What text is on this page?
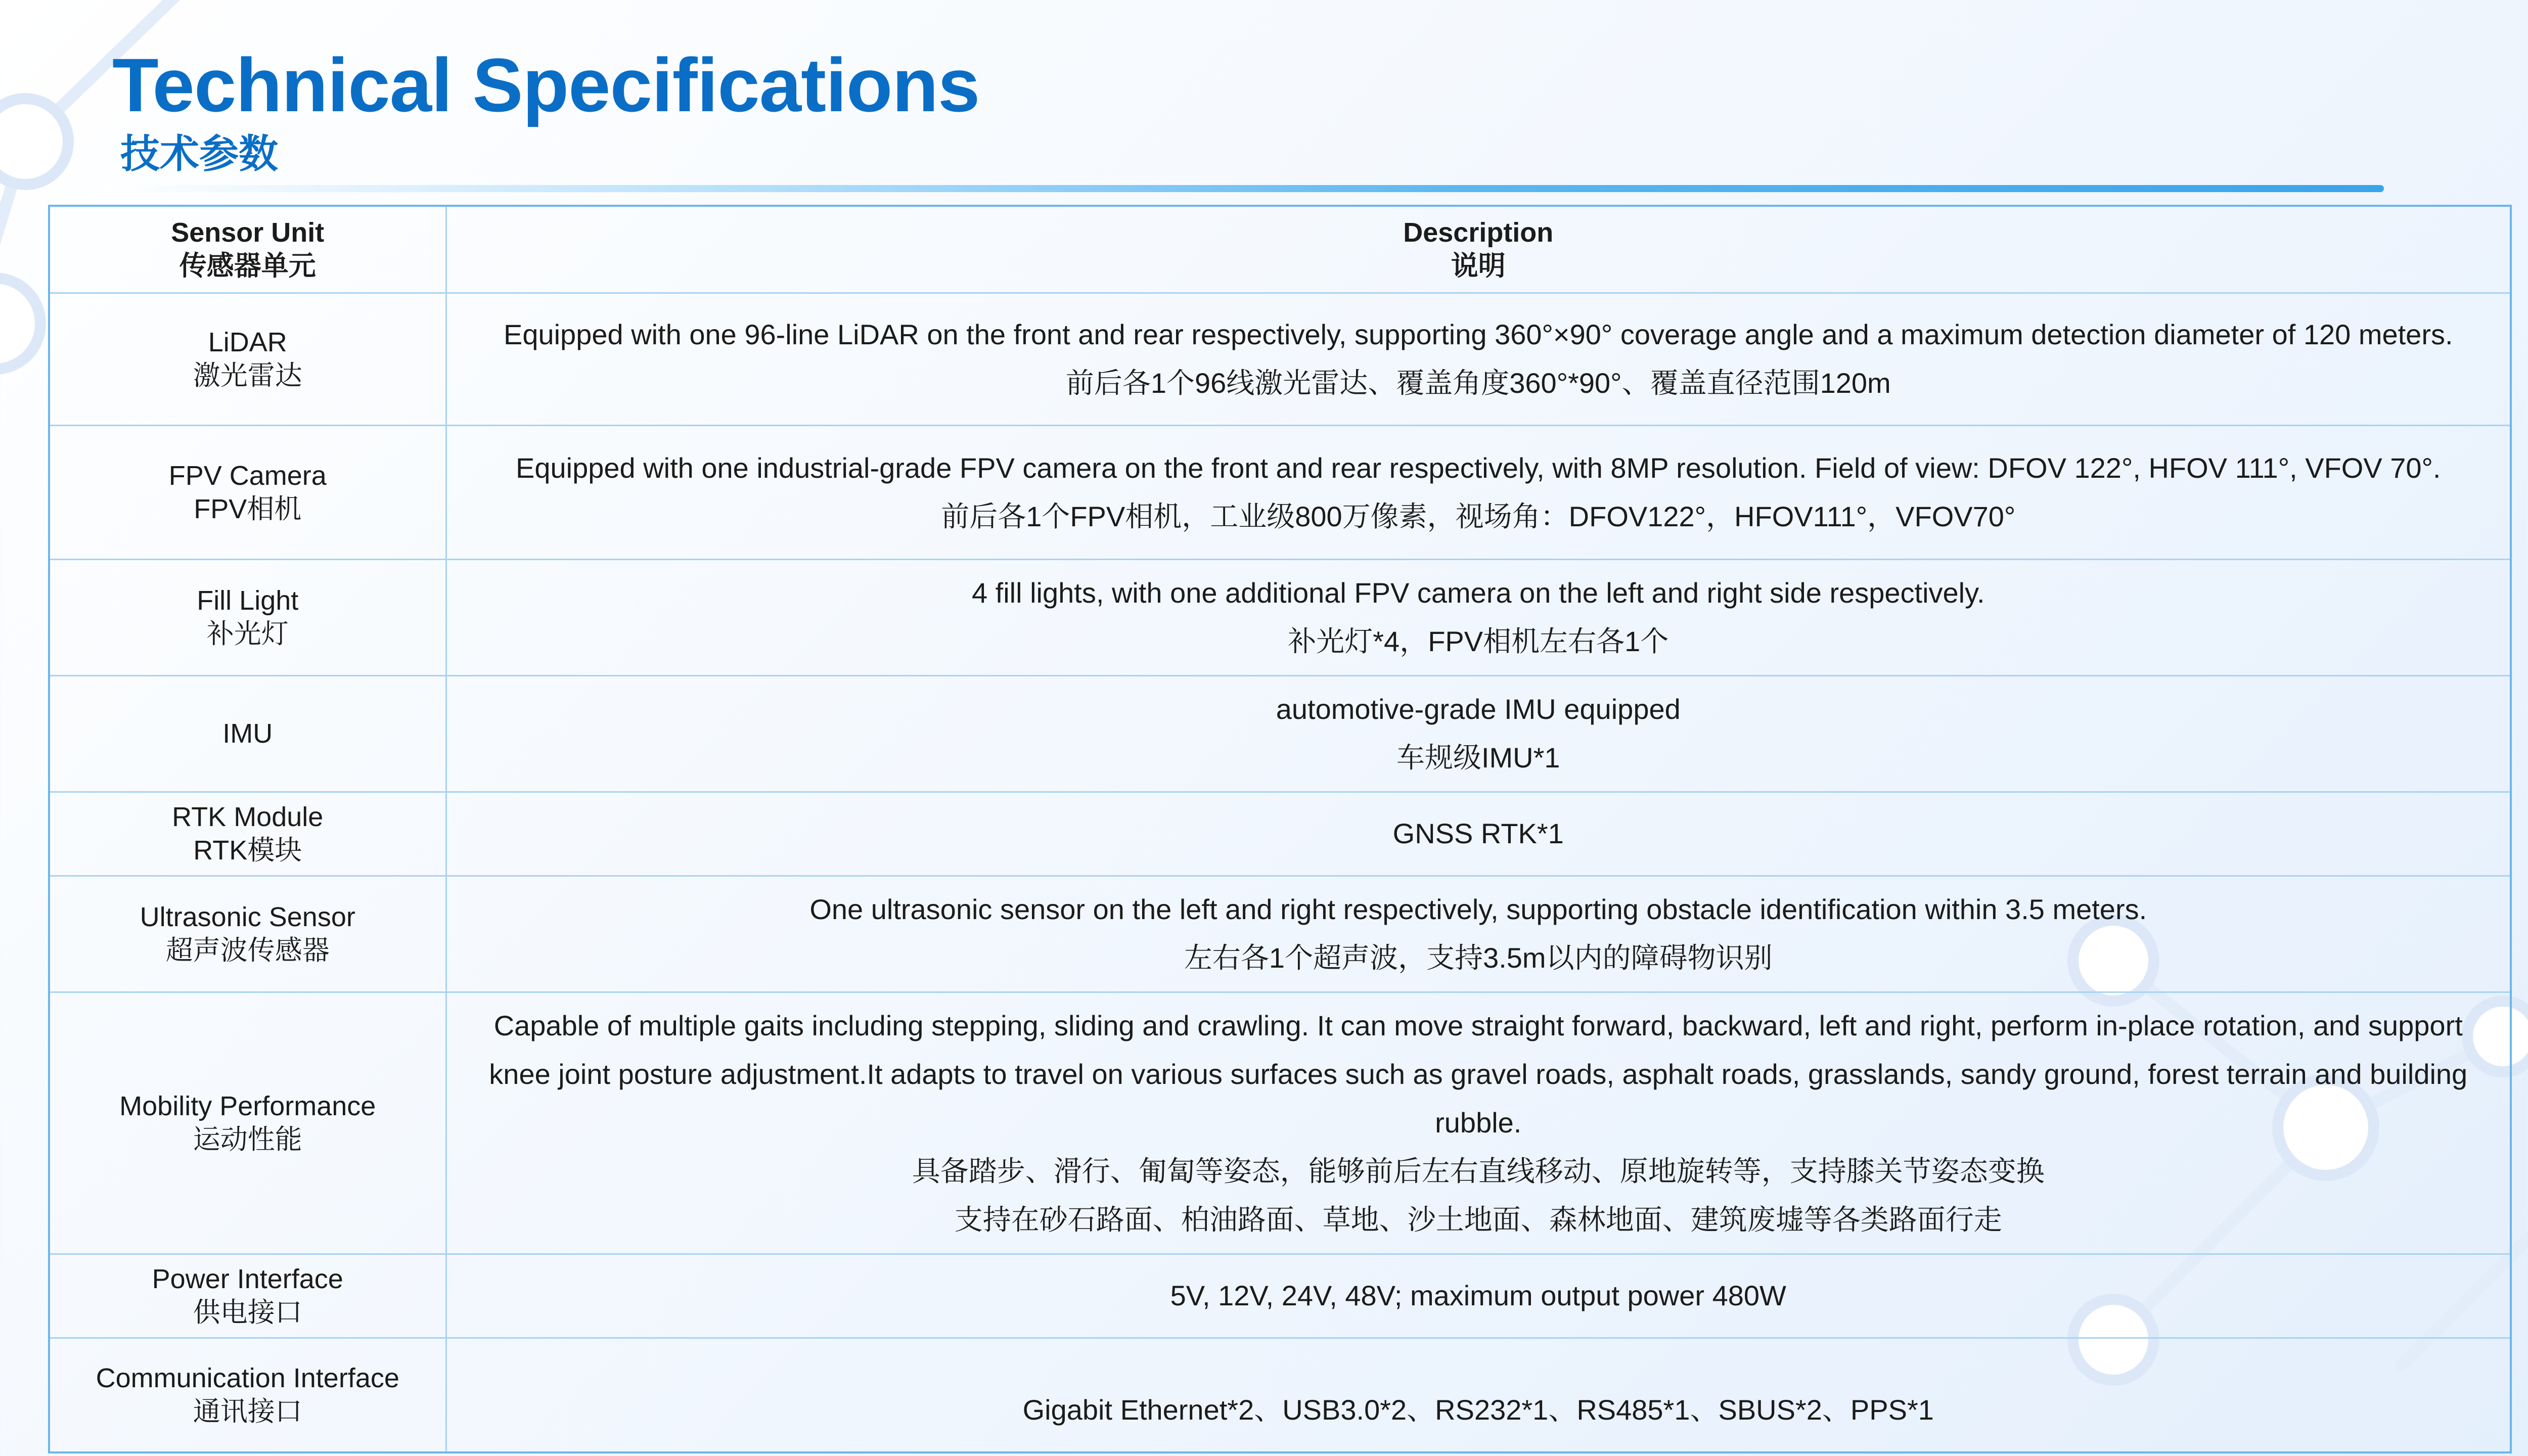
Technical Specifications
技术参数
Sensor Unit
传感器单元	Description
说明

LiDAR
激光雷达	Equipped with one 96-line LiDAR on the front and rear respectively, supporting 360°×90° coverage angle and a maximum detection diameter of 120 meters.
前后各1个96线激光雷达、覆盖角度360°*90°、覆盖直径范围120m

FPV Camera
FPV相机	Equipped with one industrial-grade FPV camera on the front and rear respectively, with 8MP resolution. Field of view: DFOV 122°, HFOV 111°, VFOV 70°.
前后各1个FPV相机，工业级800万像素，视场角：DFOV122°，HFOV111°，VFOV70°

Fill Light
补光灯	4 fill lights, with one additional FPV camera on the left and right side respectively.
补光灯*4，FPV相机左右各1个

IMU	automotive-grade IMU equipped
车规级IMU*1

RTK Module
RTK模块	GNSS RTK*1

Ultrasonic Sensor
超声波传感器	One ultrasonic sensor on the left and right respectively, supporting obstacle identification within 3.5 meters.
左右各1个超声波，支持3.5m以内的障碍物识别

Mobility Performance
运动性能	Capable of multiple gaits including stepping, sliding and crawling. It can move straight forward, backward, left and right, perform in-place rotation, and support knee joint posture adjustment.It adapts to travel on various surfaces such as gravel roads, asphalt roads, grasslands, sandy ground, forest terrain and building rubble.
具备踏步、滑行、匍匐等姿态，能够前后左右直线移动、原地旋转等，支持膝关节姿态变换
支持在砂石路面、柏油路面、草地、沙土地面、森林地面、建筑废墟等各类路面行走

Power Interface
供电接口	5V, 12V, 24V, 48V; maximum output power 480W

Communication Interface
通讯接口	Gigabit Ethernet*2、USB3.0*2、RS232*1、RS485*1、SBUS*2、PPS*1
